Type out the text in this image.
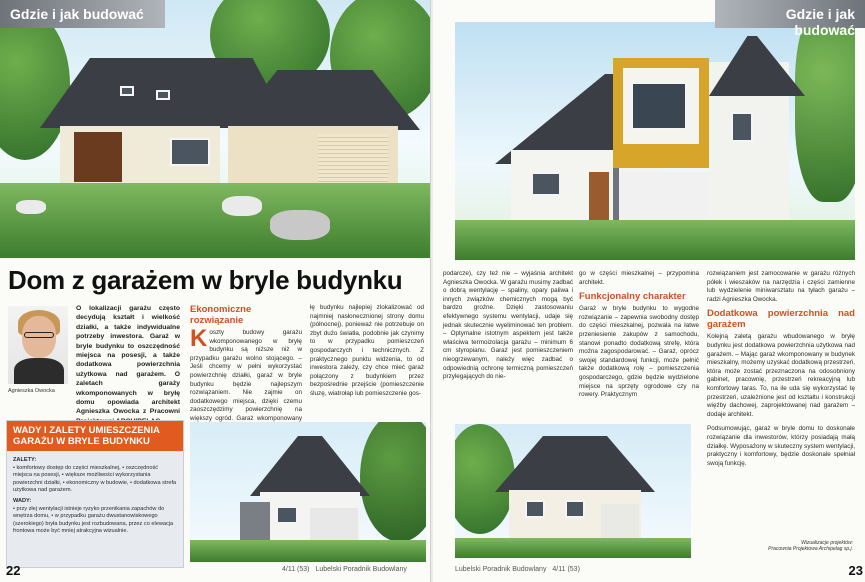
Gdzie i jak budować
Dom z garażem w bryle budynku
Agnieszka Owocka
O lokalizacji garażu często decydują kształt i wielkość działki, a także indywidualne potrzeby inwestora. Garaż w bryle budynku to oszczędność miejsca na posesji, a także dodatkowa powierzchnia użytkowa nad garażem. O zaletach garaży wkomponowanych w bryłę domu opowiada architekt Agnieszka Owocka z Pracowni
Ekonomiczne rozwiązanie
K oszty budowy garażu wkomponowanego w bryłę budynku są niższe niż w przypadku garażu wolno stojącego. – Jeśli chcemy w pełni wykorzystać powierzchnię działki, garaż w bryle budynku będzie najlepszym rozwiązaniem. Nie zajmie on dodatkowego miejsca, dzięki czemu zaoszczędzimy powierzchnię na większy ogród. Garaż wkomponowany
łę budynku najlepiej zlokalizować od najmniej nasłonecznionej strony domu (północnej), ponieważ nie potrzebuje on zbyt dużo światła, podobnie jak czynimy to w przypadku pomieszczeń gospodarczych i technicznych. Z praktycznego punktu widzenia, to od inwestora zależy, czy chce mieć garaż połączony z budynkiem przez bezpośrednie przejście (pomieszczenie śluzę, wiatrołap lub pomieszczenie gos-
WADY I ZALETY UMIESZCZENIA GARAŻU W BRYLE BUDYNKU
ZALETY:
• komfortowy dostęp do części mieszkalnej, • oszczędność miejsca na posesji, • większe możliwości wykorzystania powierzchni działki, • ekonomiczny w budowie, • dodatkowa strefa użytkowa nad garażem.
WADY:
• przy złej wentylacji istnieje ryzyko przenikania zapachów do wnętrza domu, • w przypadku garażu dwustanowiskowego (szerokiego) bryła budynku jest rozbudowana, przez co elewacja frontowa może być mniej atrakcyjna wizualnie.
22	4/11 (53) Lubelski Poradnik Budowlany
Gdzie i jak budować
podarcze), czy też nie – wyjaśnia architekt Agnieszka Owocka. W garażu musimy zadbać o dobrą wentylację – spaliny, opary paliwa i innych związków chemicznych mogą być bardzo groźne. Dzięki zastosowaniu efektywnego systemu wentylacji, udaje się jednak skutecznie wyeliminować ten problem. – Optymalne istotnym aspektem jest także właściwa termoizolacja garażu – minimum 6 cm styropianu. Garaż jest pomieszczeniem nieogrzewanym, należy więc zadbać o odpowiednią ochronę termiczną pomieszczeń przylegających do nie-
go w części mieszkalnej – przypomina architekt.
Funkcjonalny charakter
Garaż w bryle budynku to wygodne rozwiązanie – zapewnia swobodny dostęp do części mieszkalnej, pozwala na łatwe przeniesienie zakupów z samochodu, stanowi ponadto dodatkową strefę, która można zagospodarować. – Garaż, oprócz swojej standardowej funkcji, może pełnić także dodatkową rolę – pomieszczenia gospodarczego, gdzie będzie wydzielone miejsce na sprzęty ogrodowe czy na rowery. Praktycznym
rozwiązaniem jest zamocowanie w garażu różnych półek i wieszaków na narzędzia i części zamienne lub wydzielenie miniwarsztatu na tyłach garażu – radzi Agnieszka Owocka.
Dodatkowa powierzchnia nad garażem
Kolejną zaletą garażu wbudowanego w bryłę budynku jest dodatkowa powierzchnia użytkowa nad garażem. – Mając garaż wkomponowany w budynek mieszkalny, możemy uzyskać dodatkową przestrzeń, która może zostać przeznaczona na odosobniony gabinet, pracownię, przestrzeń rekreacyjną lub komfortowy taras. To, na ile uda się wykorzystać tę przestrzeń, uzależnione jest od kształtu i konstrukcji więźby dachowej, zaprojektowanej nad garażem – dodaje architekt.
Podsumowując, garaż w bryle domu to doskonałe rozwiązanie dla inwestorów, którzy posiadają małą działkę. Wyposażony w skuteczny system wentylacji, praktyczny i komfortowy, będzie doskonale spełniał swoją funkcję.
Wizualizacje projektów:
Pracownia Projektowa Archipelag sp.j.
Lubelski Poradnik Budowlany 4/11 (53)	23
